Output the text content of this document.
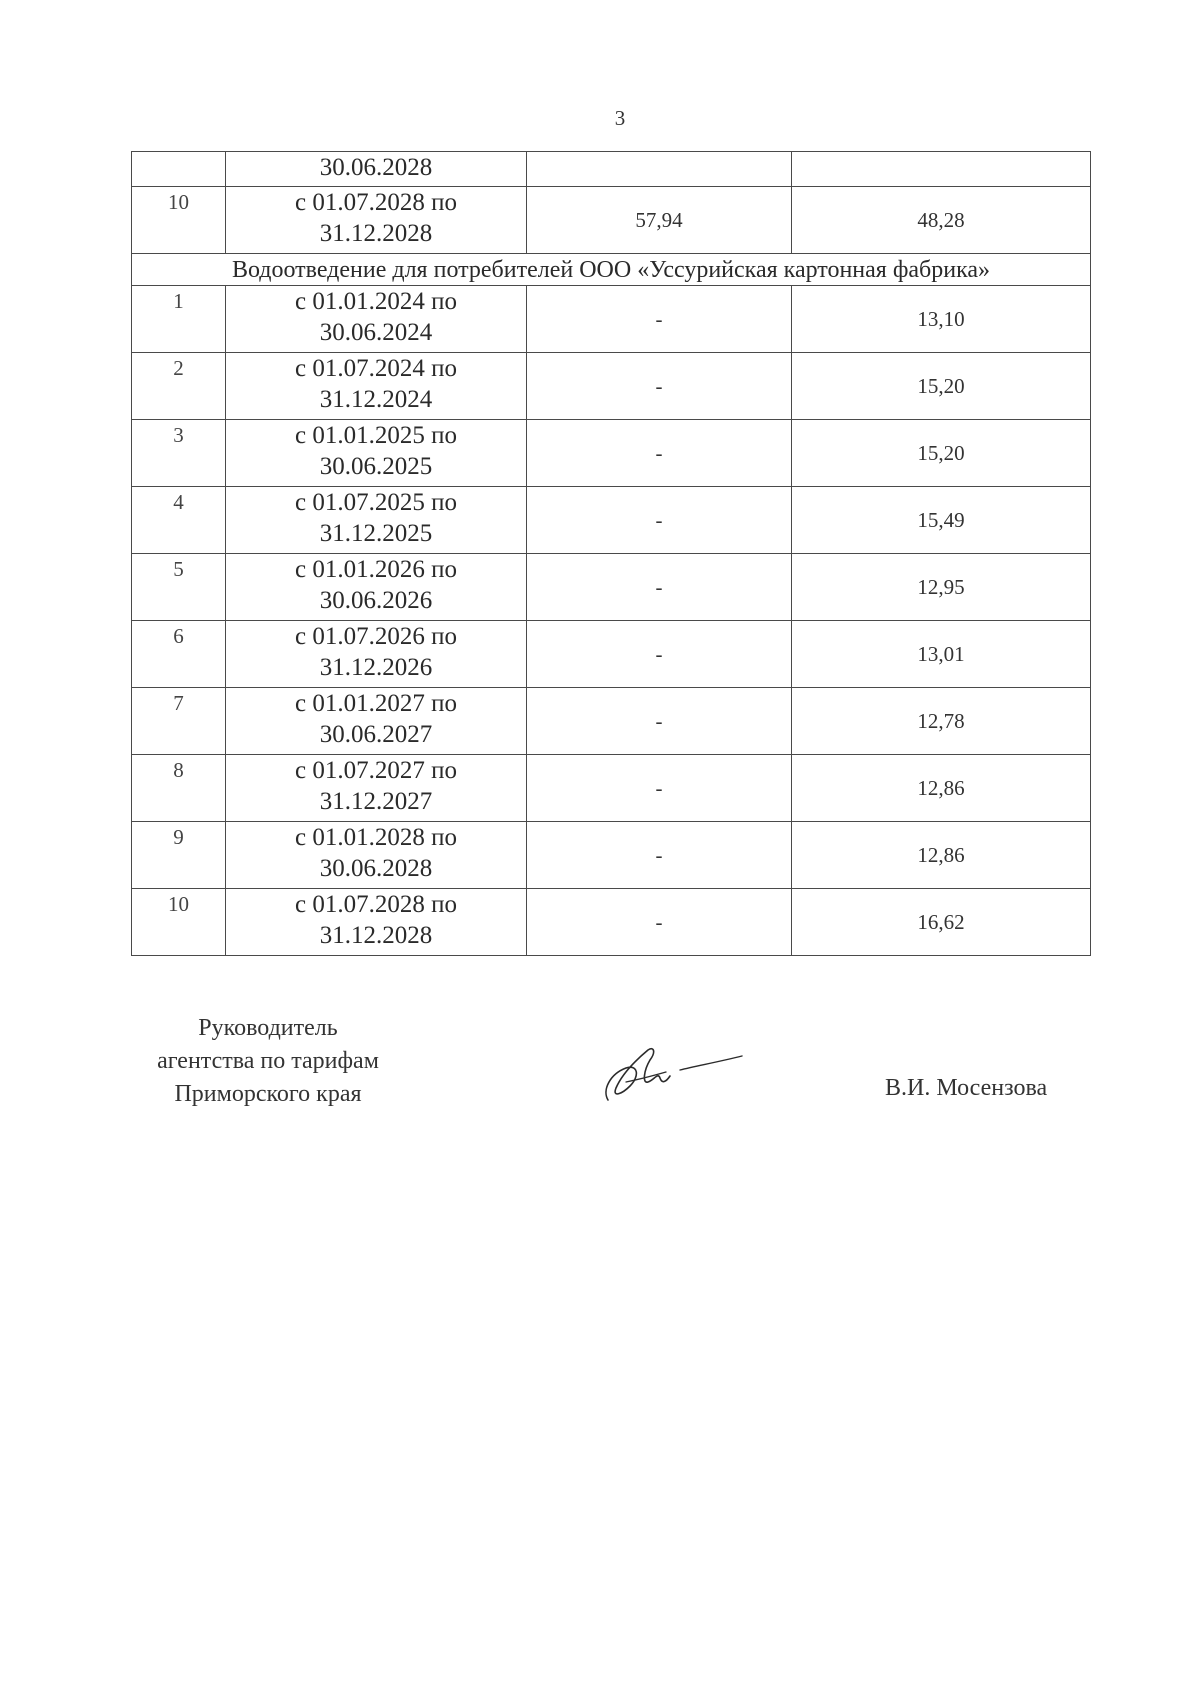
3
	30.06.2028		
10	с 01.07.2028 по
31.12.2028	57,94	48,28
Водоотведение для потребителей ООО «Уссурийская картонная фабрика»			
1	с 01.01.2024 по
30.06.2024	-	13,10
2	с 01.07.2024 по
31.12.2024	-	15,20
3	с 01.01.2025 по
30.06.2025	-	15,20
4	с 01.07.2025 по
31.12.2025	-	15,49
5	с 01.01.2026 по
30.06.2026	-	12,95
6	с 01.07.2026 по
31.12.2026	-	13,01
7	с 01.01.2027 по
30.06.2027	-	12,78
8	с 01.07.2027 по
31.12.2027	-	12,86
9	с 01.01.2028 по
30.06.2028	-	12,86
10	с 01.07.2028 по
31.12.2028	-	16,62
Руководитель
агентства по тарифам
Приморского края	В.И. Мосензова
